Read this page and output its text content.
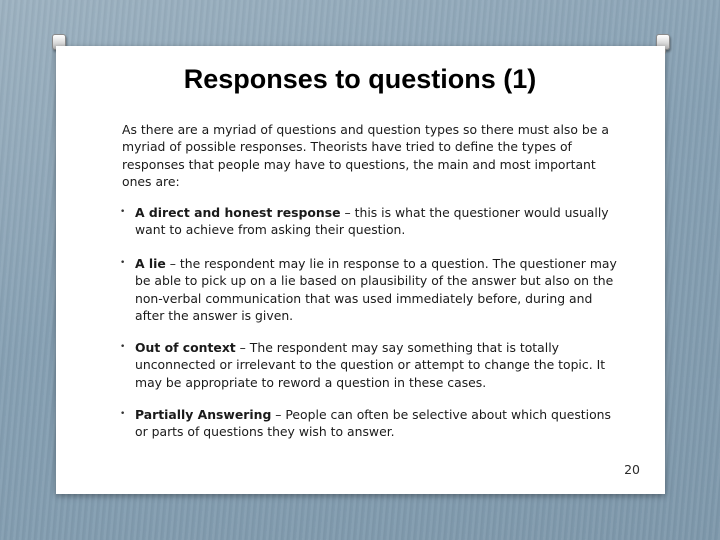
Responses to questions (1)

As there are a myriad of questions and question types so there must also be a myriad of possible responses. Theorists have tried to define the types of responses that people may have to questions, the main and most important ones are:

• A direct and honest response – this is what the questioner would usually want to achieve from asking their question.
• A lie – the respondent may lie in response to a question. The questioner may be able to pick up on a lie based on plausibility of the answer but also on the non-verbal communication that was used immediately before, during and after the answer is given.
• Out of context – The respondent may say something that is totally unconnected or irrelevant to the question or attempt to change the topic. It may be appropriate to reword a question in these cases.
• Partially Answering – People can often be selective about which questions or parts of questions they wish to answer.
20
